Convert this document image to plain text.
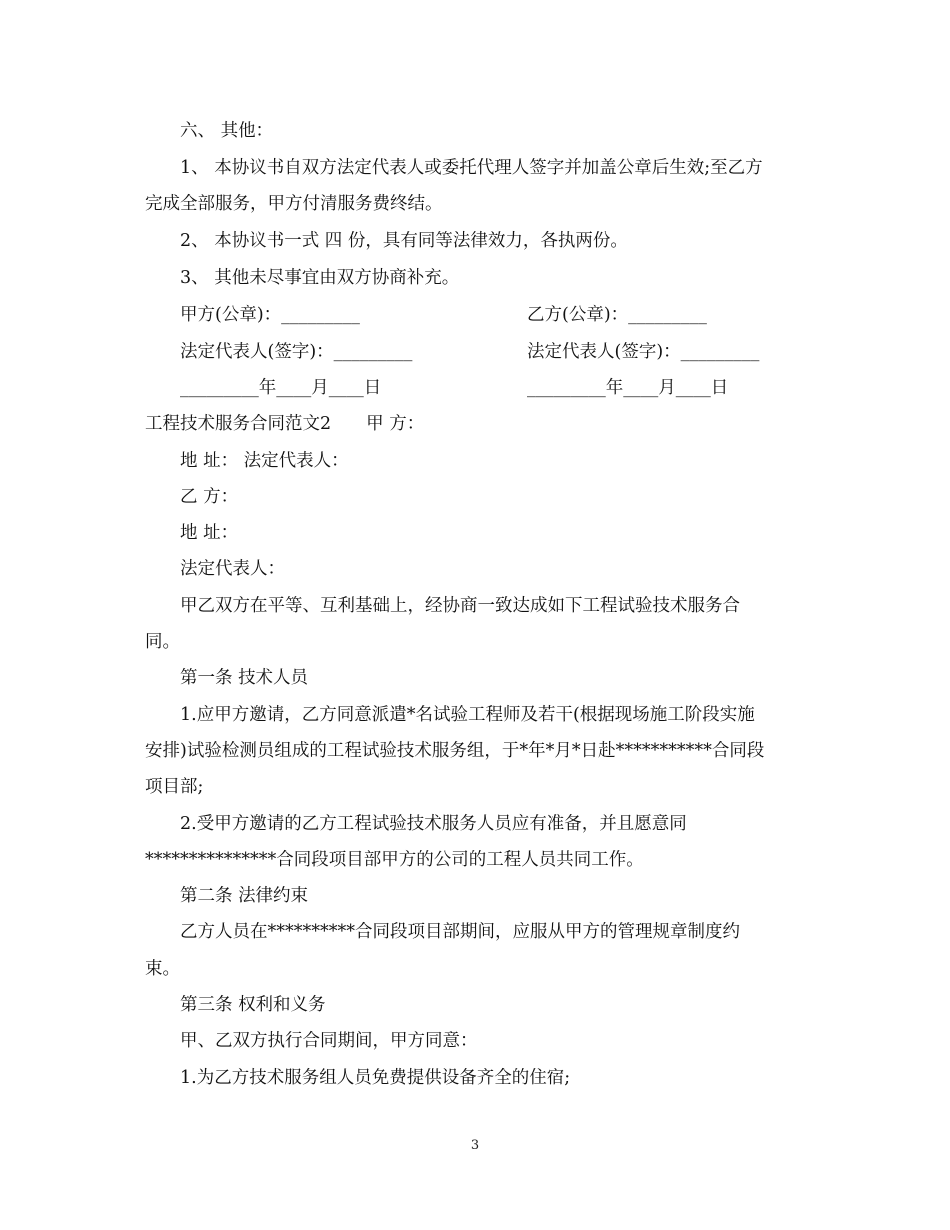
六、 其他：
1、 本协议书自双方法定代表人或委托代理人签字并加盖公章后生效;至乙方
完成全部服务，甲方付清服务费终结。
2、 本协议书一式 四 份，具有同等法律效力，各执两份。
3、 其他未尽事宜由双方协商补充。
甲方(公章)：_________	乙方(公章)：_________
法定代表人(签字)：_________	法定代表人(签字)：_________
_________年____月____日	_________年____月____日
工程技术服务合同范文2　　甲 方：
地 址： 法定代表人：
乙 方：
地 址：
法定代表人：
甲乙双方在平等、互利基础上，经协商一致达成如下工程试验技术服务合
同。
第一条 技术人员
1.应甲方邀请，乙方同意派遣*名试验工程师及若干(根据现场施工阶段实施
安排)试验检测员组成的工程试验技术服务组，于*年*月*日赴***********合同段
项目部;
2.受甲方邀请的乙方工程试验技术服务人员应有准备，并且愿意同
***************合同段项目部甲方的公司的工程人员共同工作。
第二条 法律约束
乙方人员在**********合同段项目部期间，应服从甲方的管理规章制度约
束。
第三条 权利和义务
甲、乙双方执行合同期间，甲方同意：
1.为乙方技术服务组人员免费提供设备齐全的住宿;
3
